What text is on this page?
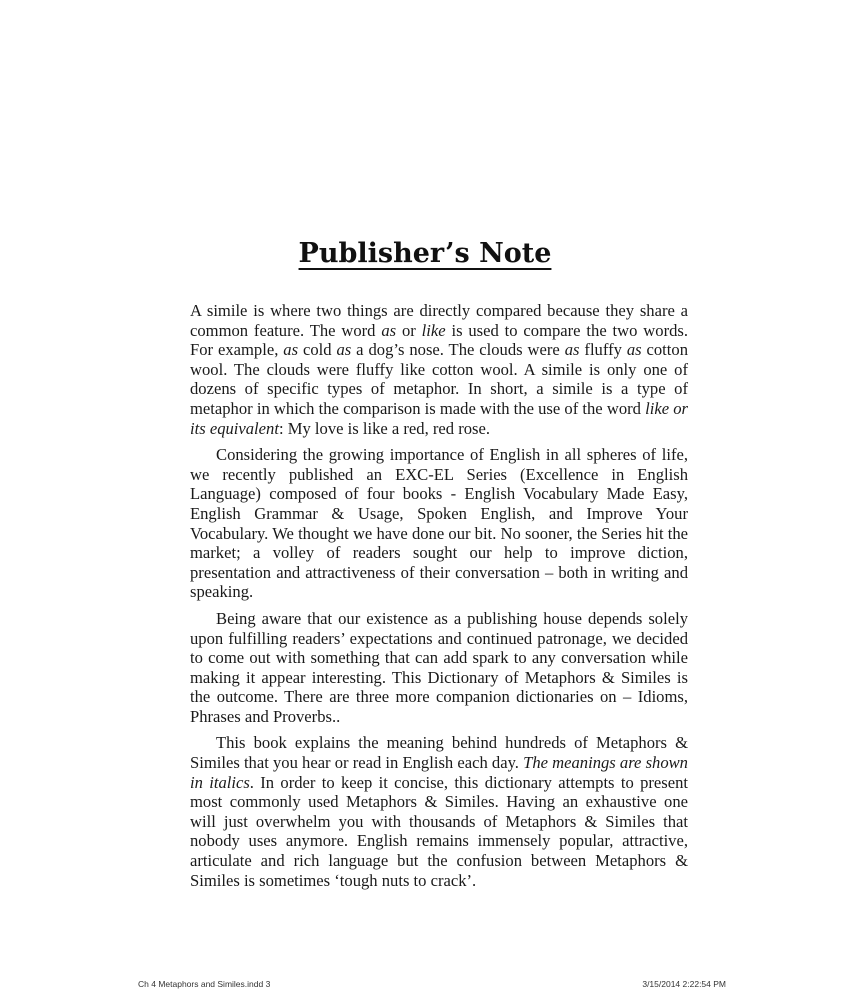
Publisher’s Note

A simile is where two things are directly compared because they share a common feature. The word as or like is used to compare the two words. For example, as cold as a dog’s nose. The clouds were as fluffy as cotton wool. The clouds were fluffy like cotton wool. A simile is only one of dozens of specific types of metaphor. In short, a simile is a type of metaphor in which the comparison is made with the use of the word like or its equivalent: My love is like a red, red rose.

Considering the growing importance of English in all spheres of life, we recently published an EXC-EL Series (Excellence in English Language) composed of four books - English Vocabulary Made Easy, English Grammar & Usage, Spoken English, and Improve Your Vocabulary. We thought we have done our bit. No sooner, the Series hit the market; a volley of readers sought our help to improve diction, presentation and attractiveness of their conversation – both in writing and speaking.

Being aware that our existence as a publishing house depends solely upon fulfilling readers’ expectations and continued patronage, we decided to come out with something that can add spark to any conversation while making it appear interesting. This Dictionary of Metaphors & Similes is the outcome. There are three more companion dictionaries on – Idioms, Phrases and Proverbs..

This book explains the meaning behind hundreds of Metaphors & Similes that you hear or read in English each day. The meanings are shown in italics. In order to keep it concise, this dictionary attempts to present most commonly used Metaphors & Similes. Having an exhaustive one will just overwhelm you with thousands of Metaphors & Similes that nobody uses anymore. English remains immensely popular, attractive, articulate and rich language but the confusion between Metaphors & Similes is sometimes ‘tough nuts to crack’.

Ch 4 Metaphors and Similes.indd 3	3/15/2014 2:22:54 PM
